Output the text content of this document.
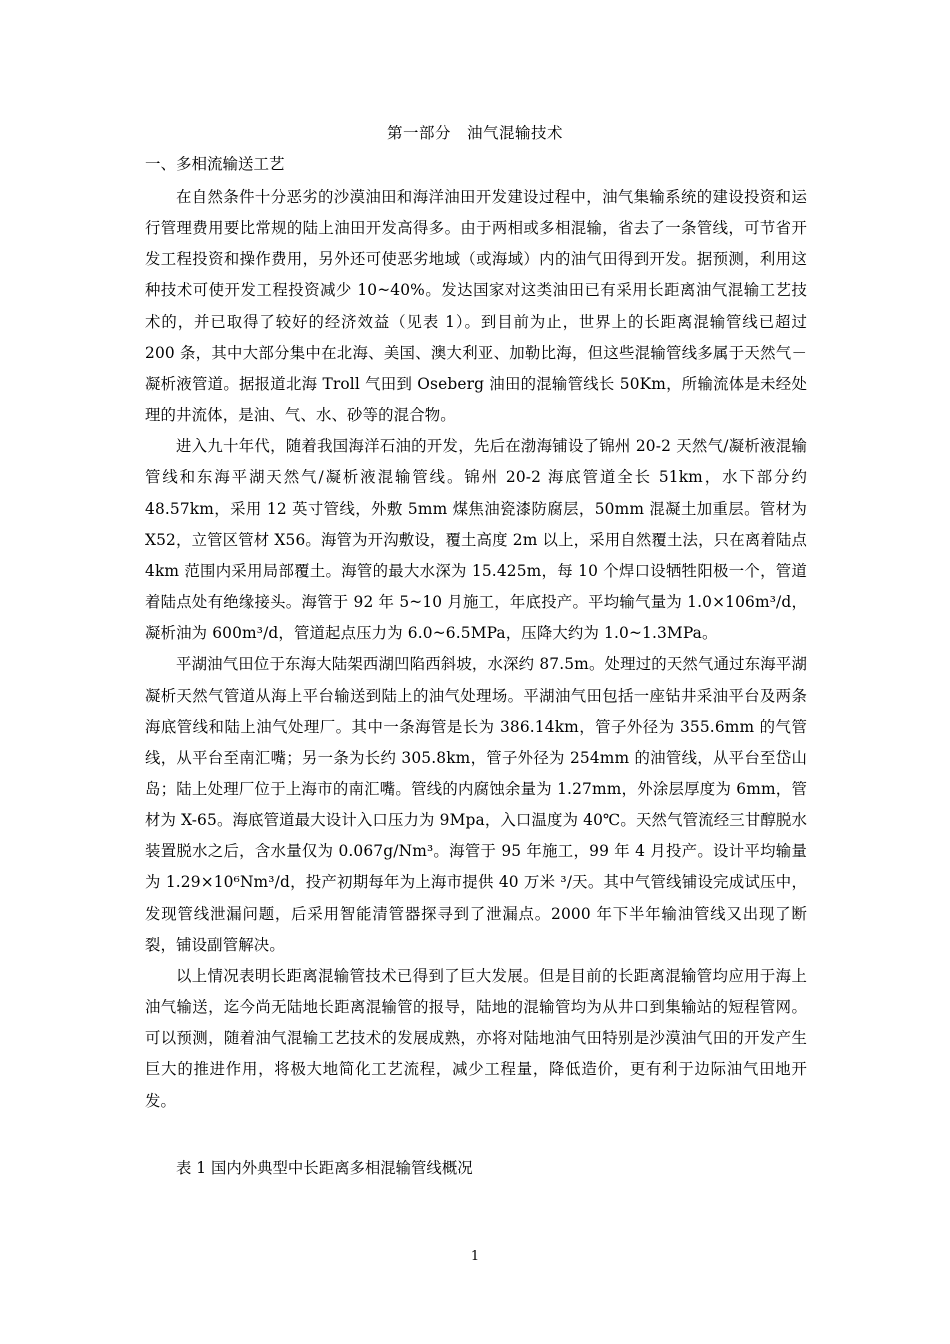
第一部分　油气混输技术
一、多相流输送工艺

在自然条件十分恶劣的沙漠油田和海洋油田开发建设过程中，油气集输系统的建设投资和运行管理费用要比常规的陆上油田开发高得多。由于两相或多相混输，省去了一条管线，可节省开发工程投资和操作费用，另外还可使恶劣地域（或海域）内的油气田得到开发。据预测，利用这种技术可使开发工程投资减少 10~40%。发达国家对这类油田已有采用长距离油气混输工艺技术的，并已取得了较好的经济效益（见表 1）。到目前为止，世界上的长距离混输管线已超过 200 条，其中大部分集中在北海、美国、澳大利亚、加勒比海，但这些混输管线多属于天然气－凝析液管道。据报道北海 Troll 气田到 Oseberg 油田的混输管线长 50Km，所输流体是未经处理的井流体，是油、气、水、砂等的混合物。

进入九十年代，随着我国海洋石油的开发，先后在渤海铺设了锦州 20-2 天然气/凝析液混输管线和东海平湖天然气/凝析液混输管线。锦州 20-2 海底管道全长 51km，水下部分约 48.57km，采用 12 英寸管线，外敷 5mm 煤焦油瓷漆防腐层，50mm 混凝土加重层。管材为 X52，立管区管材 X56。海管为开沟敷设，覆土高度 2m 以上，采用自然覆土法，只在离着陆点 4km 范围内采用局部覆土。海管的最大水深为 15.425m，每 10 个焊口设牺牲阳极一个，管道着陆点处有绝缘接头。海管于 92 年 5~10 月施工，年底投产。平均输气量为 1.0×106m³/d，凝析油为 600m³/d，管道起点压力为 6.0~6.5MPa，压降大约为 1.0~1.3MPa。

平湖油气田位于东海大陆架西湖凹陷西斜坡，水深约 87.5m。处理过的天然气通过东海平湖凝析天然气管道从海上平台输送到陆上的油气处理场。平湖油气田包括一座钻井采油平台及两条海底管线和陆上油气处理厂。其中一条海管是长为 386.14km，管子外径为 355.6mm 的气管线，从平台至南汇嘴；另一条为长约 305.8km，管子外径为 254mm 的油管线，从平台至岱山岛；陆上处理厂位于上海市的南汇嘴。管线的内腐蚀余量为 1.27mm，外涂层厚度为 6mm，管材为 X-65。海底管道最大设计入口压力为 9Mpa，入口温度为 40℃。天然气管流经三甘醇脱水装置脱水之后，含水量仅为 0.067g/Nm³。海管于 95 年施工，99 年 4 月投产。设计平均输量为 1.29×10⁶Nm³/d，投产初期每年为上海市提供 40 万米 ³/天。其中气管线铺设完成试压中，发现管线泄漏问题，后采用智能清管器探寻到了泄漏点。2000 年下半年输油管线又出现了断裂，铺设副管解决。

以上情况表明长距离混输管技术已得到了巨大发展。但是目前的长距离混输管均应用于海上油气输送，迄今尚无陆地长距离混输管的报导，陆地的混输管均为从井口到集输站的短程管网。可以预测，随着油气混输工艺技术的发展成熟，亦将对陆地油气田特别是沙漠油气田的开发产生巨大的推进作用，将极大地简化工艺流程，减少工程量，降低造价，更有利于边际油气田地开发。

表 1 国内外典型中长距离多相混输管线概况
1
